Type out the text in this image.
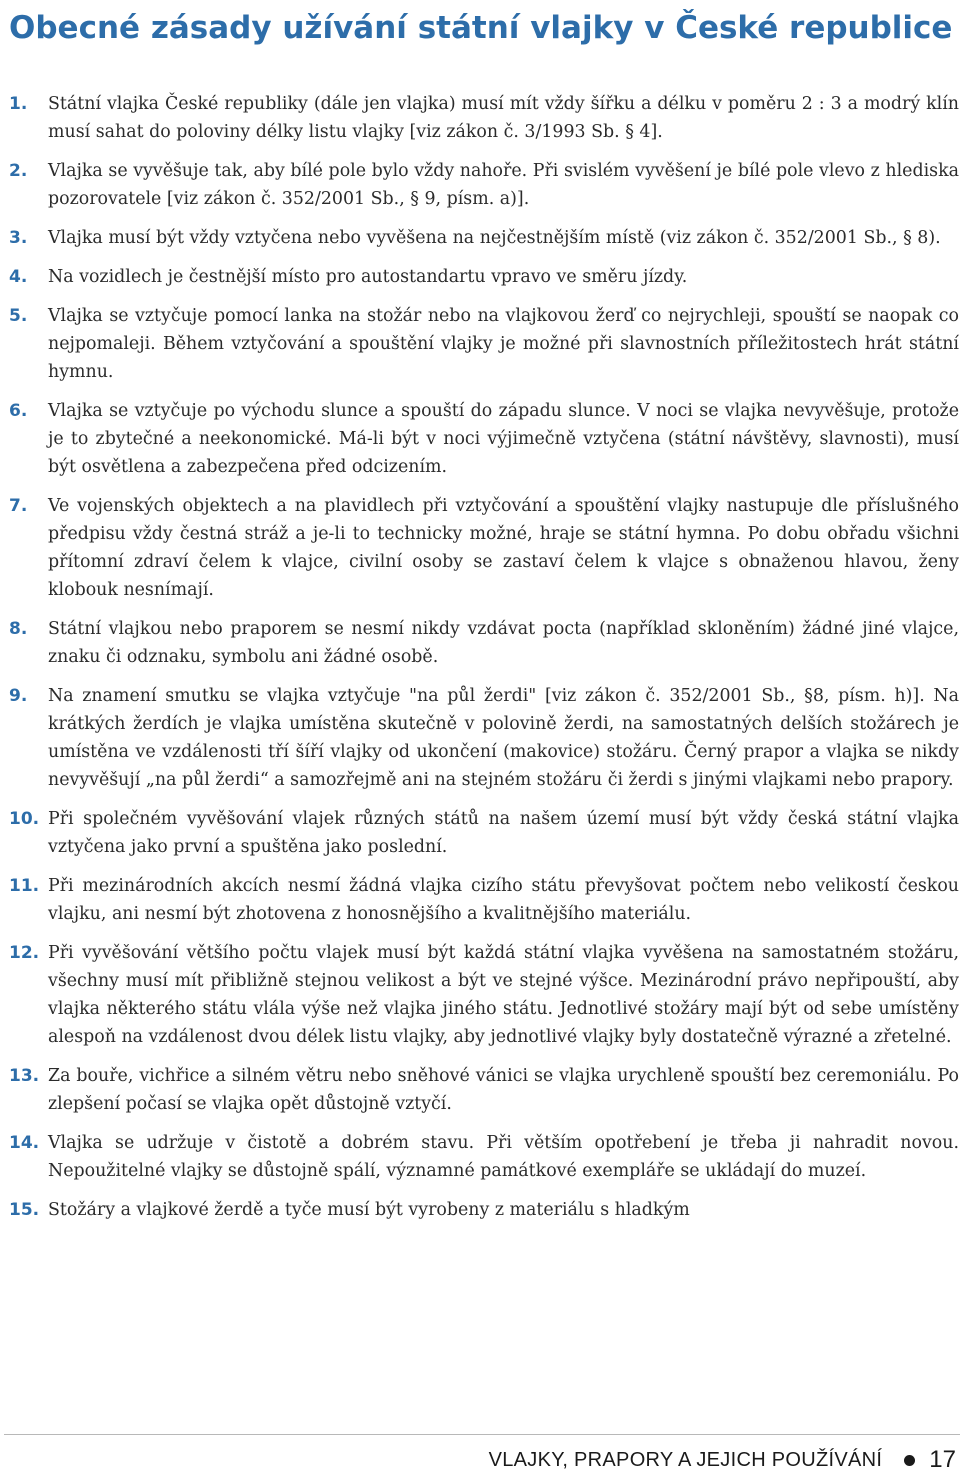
Obecné zásady užívání státní vlajky v České republice
1.	Státní vlajka České republiky (dále jen vlajka) musí mít vždy šířku a délku v poměru 2 : 3 a modrý klín musí sahat do poloviny délky listu vlajky [viz zákon č. 3/1993 Sb. § 4].
2.	Vlajka se vyvěšuje tak, aby bílé pole bylo vždy nahoře. Při svislém vyvěšení je bílé pole vlevo z hlediska pozorovatele [viz zákon č. 352/2001 Sb., § 9, písm. a)].
3.	Vlajka musí být vždy vztyčena nebo vyvěšena na nejčestnějším místě (viz zákon č. 352/2001 Sb., § 8).
4.	Na vozidlech je čestnější místo pro autostandartu vpravo ve směru jízdy.
5.	Vlajka se vztyčuje pomocí lanka na stožár nebo na vlajkovou žerď co nejrychleji, spouští se naopak co nejpomaleji. Během vztyčování a spouštění vlajky je možné při slavnostních příležitostech hrát státní hymnu.
6.	Vlajka se vztyčuje po východu slunce a spouští do západu slunce. V noci se vlajka nevyvěšuje, protože je to zbytečné a neekonomické. Má-li být v noci výjimečně vztyčena (státní návštěvy, slavnosti), musí být osvětlena a zabezpečena před odcizením.
7.	Ve vojenských objektech a na plavidlech při vztyčování a spouštění vlajky nastupuje dle příslušného předpisu vždy čestná stráž a je-li to technicky možné, hraje se státní hymna. Po dobu obřadu všichni přítomní zdraví čelem k vlajce, civilní osoby se zastaví čelem k vlajce s obnaženou hlavou, ženy klobouk nesnímají.
8.	Státní vlajkou nebo praporem se nesmí nikdy vzdávat pocta (například skloněním) žádné jiné vlajce, znaku či odznaku, symbolu ani žádné osobě.
9.	Na znamení smutku se vlajka vztyčuje "na půl žerdi" [viz zákon č. 352/2001 Sb., §8, písm. h)]. Na krátkých žerdích je vlajka umístěna skutečně v polovině žerdi, na samostatných delších stožárech je umístěna ve vzdálenosti tří šíří vlajky od ukončení (makovice) stožáru. Černý prapor a vlajka se nikdy nevyvěšují „na půl žerdi“ a samozřejmě ani na stejném stožáru či žerdi s jinými vlajkami nebo prapory.
10. Při společném vyvěšování vlajek různých států na našem území musí být vždy česká státní vlajka vztyčena jako první a spuštěna jako poslední.
11. Při mezinárodních akcích nesmí žádná vlajka cizího státu převyšovat počtem nebo velikostí českou vlajku, ani nesmí být zhotovena z honosnějšího a kvalitnějšího materiálu.
12. Při vyvěšování většího počtu vlajek musí být každá státní vlajka vyvěšena na samostatném stožáru, všechny musí mít přibližně stejnou velikost a být ve stejné výšce. Mezinárodní právo nepřipouští, aby vlajka některého státu vlála výše než vlajka jiného státu. Jednotlivé stožáry mají být od sebe umístěny alespoň na vzdálenost dvou délek listu vlajky, aby jednotlivé vlajky byly dostatečně výrazné a zřetelné.
13. Za bouře, vichřice a silném větru nebo sněhové vánici se vlajka urychleně spouští bez ceremoniálu. Po zlepšení počasí se vlajka opět důstojně vztyčí.
14. Vlajka se udržuje v čistotě a dobrém stavu. Při větším opotřebení je třeba ji nahradit novou. Nepoužitelné vlajky se důstojně spálí, významné památkové exempláře se ukládají do muzeí.
15. Stožáry a vlajkové žerdě a tyče musí být vyrobeny z materiálu s hladkým
VLAJKY, PRAPORY A JEJICH POUŽÍVÁNÍ 17
